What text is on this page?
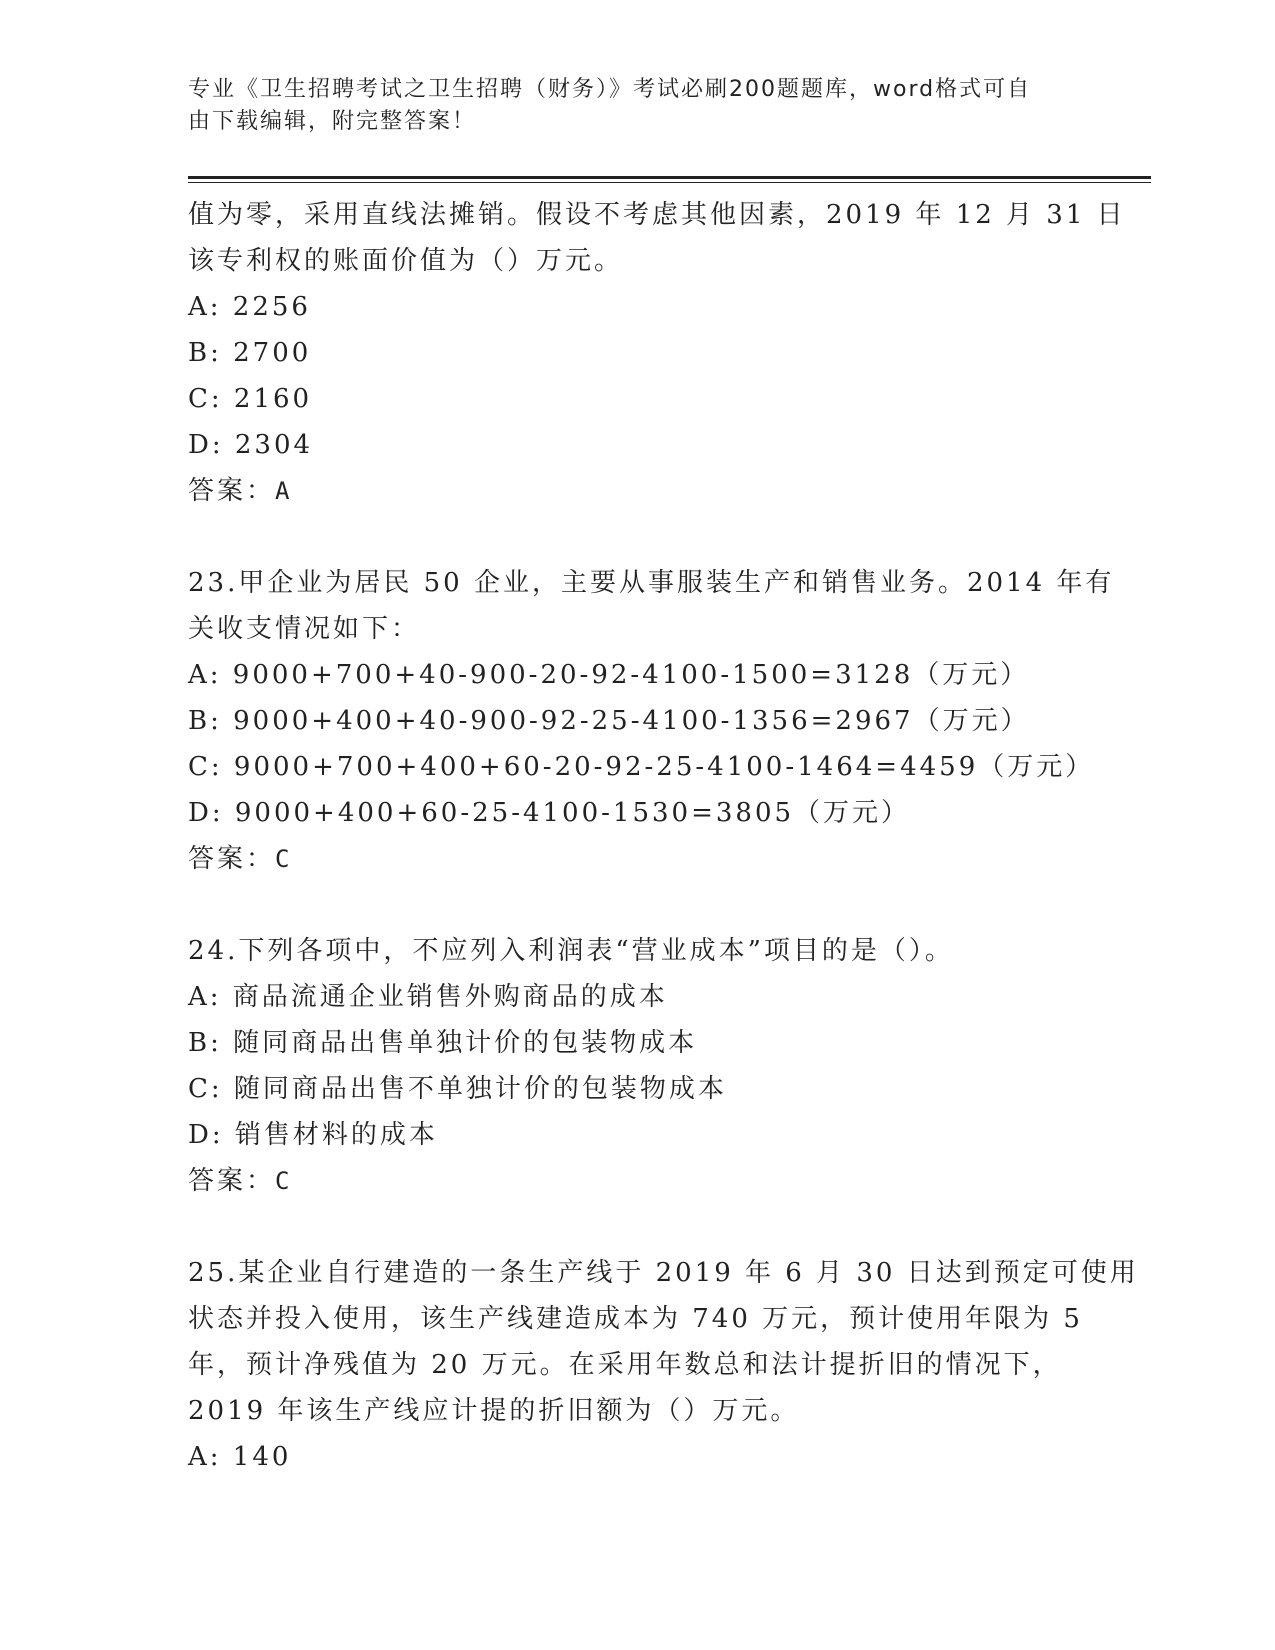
专业《卫生招聘考试之卫生招聘（财务）》考试必刷200题题库，word格式可自
由下载编辑，附完整答案！
值为零，采用直线法摊销。假设不考虑其他因素，2019 年 12 月 31 日
该专利权的账面价值为（）万元。
A: 2256
B: 2700
C: 2160
D: 2304
答案：A
23.甲企业为居民 50 企业，主要从事服装生产和销售业务。2014 年有
关收支情况如下：
A: 9000+700+40-900-20-92-4100-1500=3128（万元）
B: 9000+400+40-900-92-25-4100-1356=2967（万元）
C: 9000+700+400+60-20-92-25-4100-1464=4459（万元）
D: 9000+400+60-25-4100-1530=3805（万元）
答案：C
24.下列各项中，不应列入利润表“营业成本”项目的是（）。
A: 商品流通企业销售外购商品的成本
B: 随同商品出售单独计价的包装物成本
C: 随同商品出售不单独计价的包装物成本
D: 销售材料的成本
答案：C
25.某企业自行建造的一条生产线于 2019 年 6 月 30 日达到预定可使用
状态并投入使用，该生产线建造成本为 740 万元，预计使用年限为 5
年，预计净残值为 20 万元。在采用年数总和法计提折旧的情况下，
2019 年该生产线应计提的折旧额为（）万元。
A: 140
